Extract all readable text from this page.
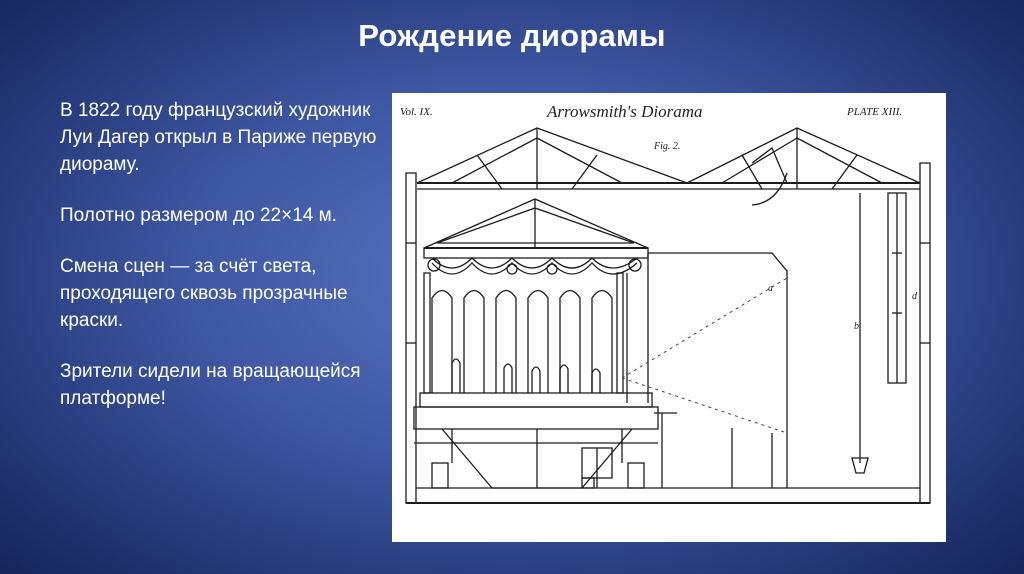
Рождение диорамы
В 1822 году французский художник Луи Дагер открыл в Париже первую диораму.
Полотно размером до 22×14 м.
Смена сцен — за счёт света, проходящего сквозь прозрачные краски.
Зрители сидели на вращающейся платформе!
Vol. IX.	Arrowsmith's Diorama	PLATE XIII.
Fig. 2.
a
b
d
